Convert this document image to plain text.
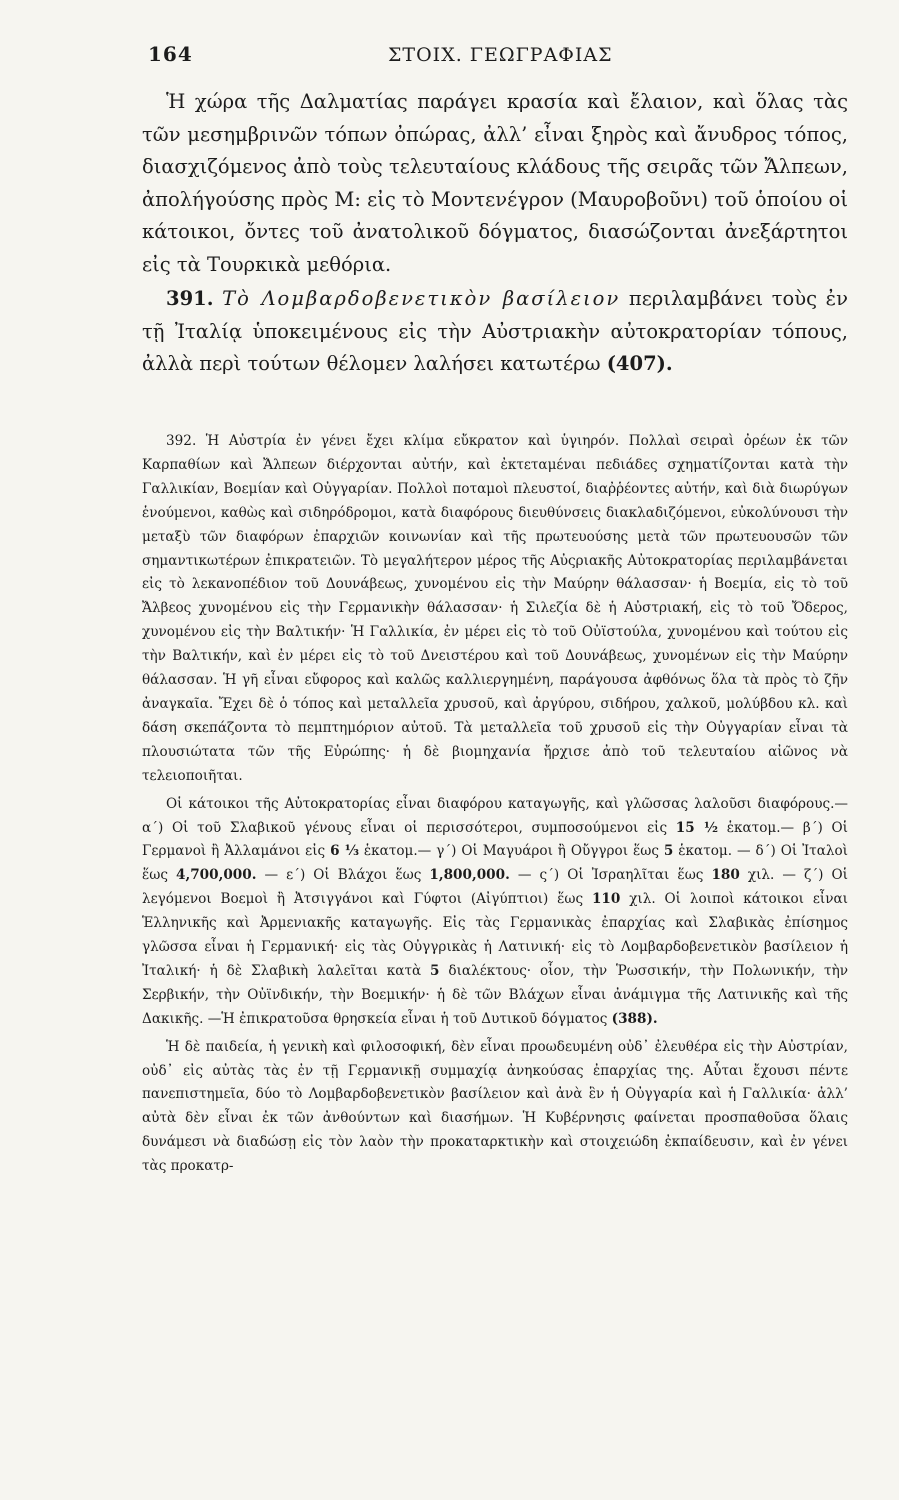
164	ΣΤΟΙΧ. ΓΕΩΓΡΑΦΙΑΣ

Ἡ χώρα τῆς Δαλματίας παράγει κρασία καὶ ἔλαιον, καὶ ὅλας τὰς τῶν μεσημβρινῶν τόπων ὀπώρας, ἀλλ’ εἶναι ξηρὸς καὶ ἄνυδρος τόπος, διασχιζόμενος ἀπὸ τοὺς τελευταίους κλάδους τῆς σειρᾶς τῶν Ἄλπεων, ἀπολήγούσης πρὸς Μ: εἰς τὸ Μοντενέγρον (Μαυροβοῦνι) τοῦ ὁποίου οἱ κάτοικοι, ὄντες τοῦ ἀνατολικοῦ δόγματος, διασώζονται ἀνεξάρτητοι εἰς τὰ Τουρκικὰ μεθόρια.

391. Τὸ Λομβαρδοβενετικὸν βασίλειον περιλαμβάνει τοὺς ἐν τῇ Ἰταλίᾳ ὑποκειμένους εἰς τὴν Αὐστριακὴν αὐτοκρατορίαν τόπους, ἀλλὰ περὶ τούτων θέλομεν λαλήσει κατωτέρω (407).

392. Ἡ Αὐστρία ἐν γένει ἔχει κλίμα εὔκρατον καὶ ὑγιηρόν. Πολλαὶ σειραὶ ὀρέων ἐκ τῶν Καρπαθίων καὶ Ἄλπεων διέρχονται αὐτήν, καὶ ἐκτεταμέναι πεδιάδες σχηματίζονται κατὰ τὴν Γαλλικίαν, Βοεμίαν καὶ Οὐγγαρίαν. Πολλοὶ ποταμοὶ πλευστοί, διαῤῥέοντες αὐτήν, καὶ διὰ διωρύγων ἑνούμενοι, καθὼς καὶ σιδηρόδρομοι, κατὰ διαφόρους διευθύνσεις διακλαδιζόμενοι, εὐκολύνουσι τὴν μεταξὺ τῶν διαφόρων ἐπαρχιῶν κοινωνίαν καὶ τῆς πρωτευούσης μετὰ τῶν πρωτευουσῶν τῶν σημαντικωτέρων ἐπικρατειῶν. Τὸ μεγαλήτερον μέρος τῆς Αὐςριακῆς Αὐτοκρατορίας περιλαμβάνεται εἰς τὸ λεκανοπέδιον τοῦ Δουνάβεως, χυνομένου εἰς τὴν Μαύρην θάλασσαν· ἡ Βοεμία, εἰς τὸ τοῦ Ἄλβεος χυνομένου εἰς τὴν Γερμανικὴν θάλασσαν· ἡ Σιλεζία δὲ ἡ Αὐστριακή, εἰς τὸ τοῦ Ὄδερος, χυνομένου εἰς τὴν Βαλτικήν· Ἡ Γαλλικία, ἐν μέρει εἰς τὸ τοῦ Οὐϊστούλα, χυνομένου καὶ τούτου εἰς τὴν Βαλτικήν, καὶ ἐν μέρει εἰς τὸ τοῦ Δνειστέρου καὶ τοῦ Δουνάβεως, χυνομένων εἰς τὴν Μαύρην θάλασσαν. Ἡ γῆ εἶναι εὔφορος καὶ καλῶς καλλιεργημένη, παράγουσα ἀφθόνως ὅλα τὰ πρὸς τὸ ζῆν ἀναγκαῖα. Ἔχει δὲ ὁ τόπος καὶ μεταλλεῖα χρυσοῦ, καὶ ἀργύρου, σιδήρου, χαλκοῦ, μολύβδου κλ. καὶ δάση σκεπάζοντα τὸ πεμπτημόριον αὐτοῦ. Τὰ μεταλλεῖα τοῦ χρυσοῦ εἰς τὴν Οὐγγαρίαν εἶναι τὰ πλουσιώτατα τῶν τῆς Εὐρώπης· ἡ δὲ βιομηχανία ἤρχισε ἀπὸ τοῦ τελευταίου αἰῶνος νὰ τελειοποιῆται.

Οἱ κάτοικοι τῆς Αὐτοκρατορίας εἶναι διαφόρου καταγωγῆς, καὶ γλῶσσας λαλοῦσι διαφόρους.—α΄) Οἱ τοῦ Σλαβικοῦ γένους εἶναι οἱ περισσότεροι, συμποσούμενοι εἰς 15 ½ ἑκατομ.— β΄) Οἱ Γερμανοὶ ἢ Ἀλλαμάνοι εἰς 6 ⅓ ἑκατομ.— γ΄) Οἱ Μαγυάροι ἢ Οὔγγροι ἕως 5 ἑκατομ. — δ΄) Οἱ Ἰταλοὶ ἕως 4,700,000. — ε΄) Οἱ Βλάχοι ἕως 1,800,000. — ς΄) Οἱ Ἰσραηλῖται ἕως 180 χιλ. — ζ΄) Οἱ λεγόμενοι Βοεμοὶ ἢ Ἀτσιγγάνοι καὶ Γύφτοι (Αἰγύπτιοι) ἕως 110 χιλ. Οἱ λοιποὶ κάτοικοι εἶναι Ἑλληνικῆς καὶ Ἀρμενιακῆς καταγωγῆς. Εἰς τὰς Γερμανικὰς ἐπαρχίας καὶ Σλαβικὰς ἐπίσημος γλῶσσα εἶναι ἡ Γερμανική· εἰς τὰς Οὐγγρικὰς ἡ Λατινική· εἰς τὸ Λομβαρδοβενετικὸν βασίλειον ἡ Ἰταλική· ἡ δὲ Σλαβικὴ λαλεῖται κατὰ 5 διαλέκτους· οἷον, τὴν Ῥωσσικήν, τὴν Πολωνικήν, τὴν Σερβικήν, τὴν Οὐϊνδικήν, τὴν Βοεμικήν· ἡ δὲ τῶν Βλάχων εἶναι ἀνάμιγμα τῆς Λατινικῆς καὶ τῆς Δακικῆς. —Ἡ ἐπικρατοῦσα θρησκεία εἶναι ἡ τοῦ Δυτικοῦ δόγματος (388).

Ἡ δὲ παιδεία, ἡ γενικὴ καὶ φιλοσοφική, δὲν εἶναι προωδευμένη οὐδ᾽ ἐλευθέρα εἰς τὴν Αὐστρίαν, οὐδ᾽ εἰς αὐτὰς τὰς ἐν τῇ Γερμανικῇ συμμαχίᾳ ἀνηκούσας ἐπαρχίας της. Αὗται ἔχουσι πέντε πανεπιστημεῖα, δύο τὸ Λομβαρδοβενετικὸν βασίλειον καὶ ἀνὰ ἓν ἡ Οὐγγαρία καὶ ἡ Γαλλικία· ἀλλ’ αὐτὰ δὲν εἶναι ἐκ τῶν ἀνθούντων καὶ διασήμων. Ἡ Κυβέρνησις φαίνεται προσπαθοῦσα ὅλαις δυνάμεσι νὰ διαδώσῃ εἰς τὸν λαὸν τὴν προκαταρκτικὴν καὶ στοιχειώδη ἐκπαίδευσιν, καὶ ἐν γένει τὰς προκατρ-
